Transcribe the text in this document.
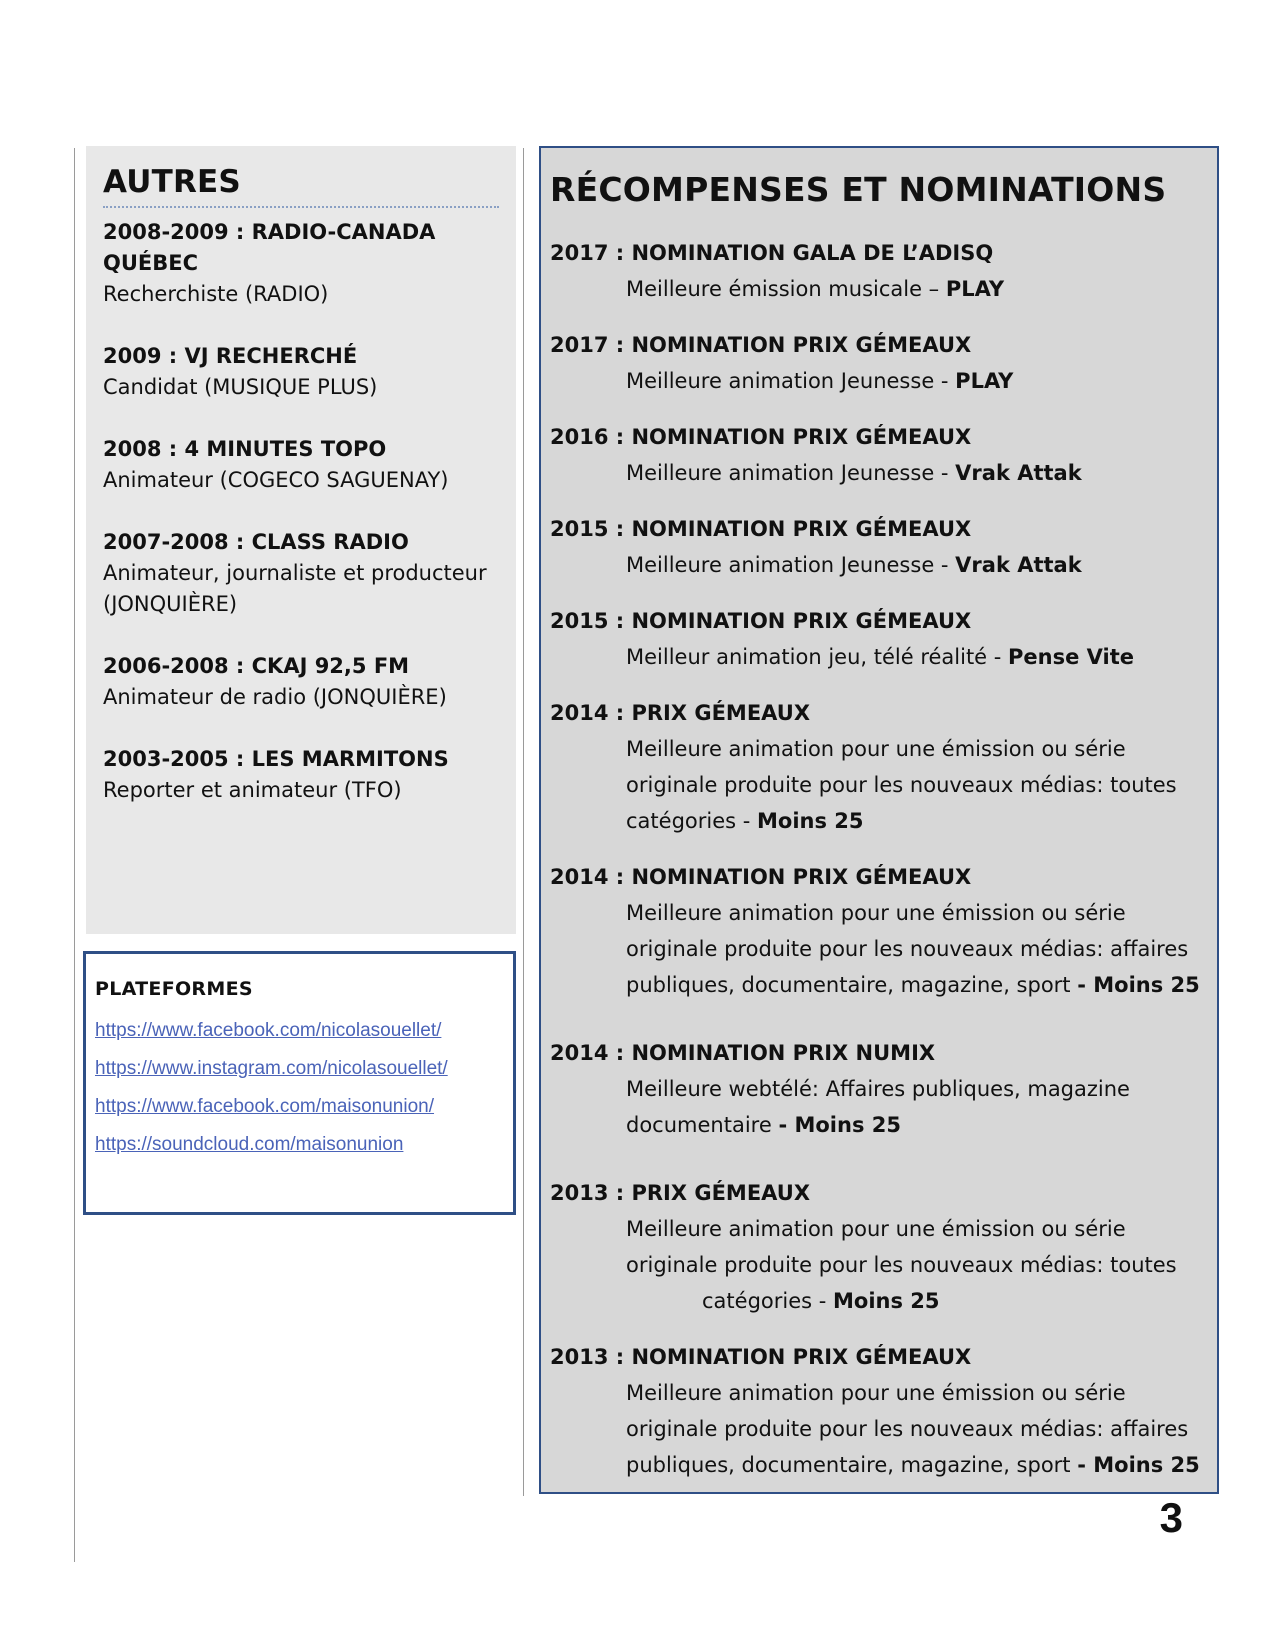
AUTRES

2008-2009 : RADIO-CANADA QUÉBEC

Recherchiste (RADIO)

2009 : VJ RECHERCHÉ

Candidat (MUSIQUE PLUS)

2008 : 4 MINUTES TOPO

Animateur (COGECO SAGUENAY)

2007-2008 : CLASS RADIO

Animateur, journaliste et producteur (JONQUIÈRE)

2006-2008 : CKAJ 92,5 FM

Animateur de radio (JONQUIÈRE)

2003-2005 : LES MARMITONS

Reporter et animateur (TFO)

PLATEFORMES
https://www.facebook.com/nicolasouellet/
https://www.instagram.com/nicolasouellet/
https://www.facebook.com/maisonunion/
https://soundcloud.com/maisonunion
RÉCOMPENSES ET NOMINATIONS

2017 : NOMINATION GALA DE L’ADISQ

Meilleure émission musicale – PLAY

2017 : NOMINATION PRIX GÉMEAUX

Meilleure animation Jeunesse - PLAY

2016 : NOMINATION PRIX GÉMEAUX

Meilleure animation Jeunesse - Vrak Attak

2015 : NOMINATION PRIX GÉMEAUX

Meilleure animation Jeunesse - Vrak Attak

2015 : NOMINATION PRIX GÉMEAUX

Meilleur animation jeu, télé réalité - Pense Vite

2014 : PRIX GÉMEAUX

Meilleure animation pour une émission ou série originale produite pour les nouveaux médias: toutes catégories - Moins 25

2014 : NOMINATION PRIX GÉMEAUX

Meilleure animation pour une émission ou série originale produite pour les nouveaux médias: affaires publiques, documentaire, magazine, sport - Moins 25

2014 : NOMINATION PRIX NUMIX

Meilleure webtélé: Affaires publiques, magazine documentaire - Moins 25

2013 : PRIX GÉMEAUX

Meilleure animation pour une émission ou série originale produite pour les nouveaux médias: toutes

catégories - Moins 25

2013 : NOMINATION PRIX GÉMEAUX

Meilleure animation pour une émission ou série originale produite pour les nouveaux médias: affaires publiques, documentaire, magazine, sport - Moins 25

3
